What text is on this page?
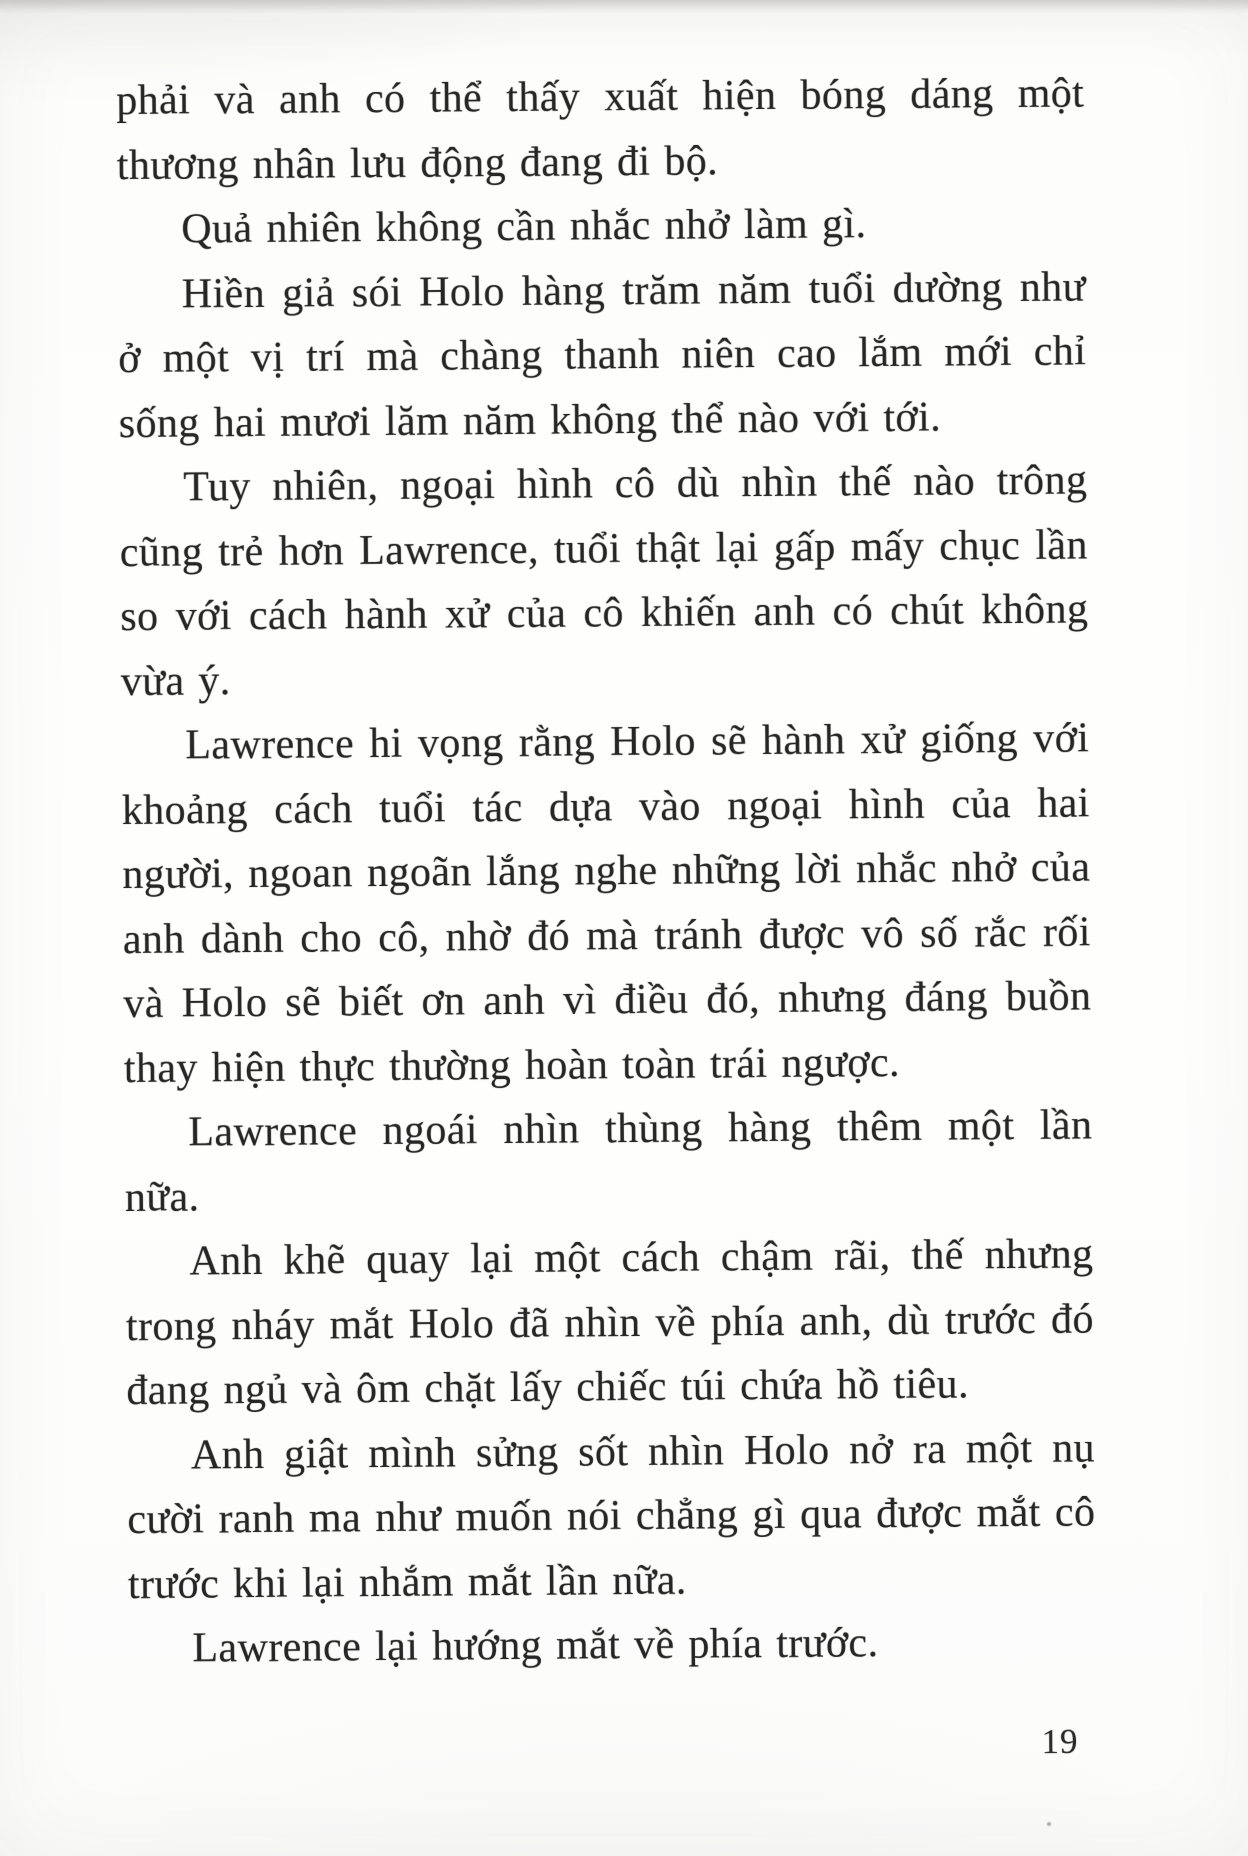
phải và anh có thể thấy xuất hiện bóng dáng một thương nhân lưu động đang đi bộ.

Quả nhiên không cần nhắc nhở làm gì.

Hiền giả sói Holo hàng trăm năm tuổi dường như ở một vị trí mà chàng thanh niên cao lắm mới chỉ sống hai mươi lăm năm không thể nào với tới.

Tuy nhiên, ngoại hình cô dù nhìn thế nào trông cũng trẻ hơn Lawrence, tuổi thật lại gấp mấy chục lần so với cách hành xử của cô khiến anh có chút không vừa ý.

Lawrence hi vọng rằng Holo sẽ hành xử giống với khoảng cách tuổi tác dựa vào ngoại hình của hai người, ngoan ngoãn lắng nghe những lời nhắc nhở của anh dành cho cô, nhờ đó mà tránh được vô số rắc rối và Holo sẽ biết ơn anh vì điều đó, nhưng đáng buồn thay hiện thực thường hoàn toàn trái ngược.

Lawrence ngoái nhìn thùng hàng thêm một lần nữa.

Anh khẽ quay lại một cách chậm rãi, thế nhưng trong nháy mắt Holo đã nhìn về phía anh, dù trước đó đang ngủ và ôm chặt lấy chiếc túi chứa hồ tiêu.

Anh giật mình sửng sốt nhìn Holo nở ra một nụ cười ranh ma như muốn nói chẳng gì qua được mắt cô trước khi lại nhắm mắt lần nữa.

Lawrence lại hướng mắt về phía trước.

19
